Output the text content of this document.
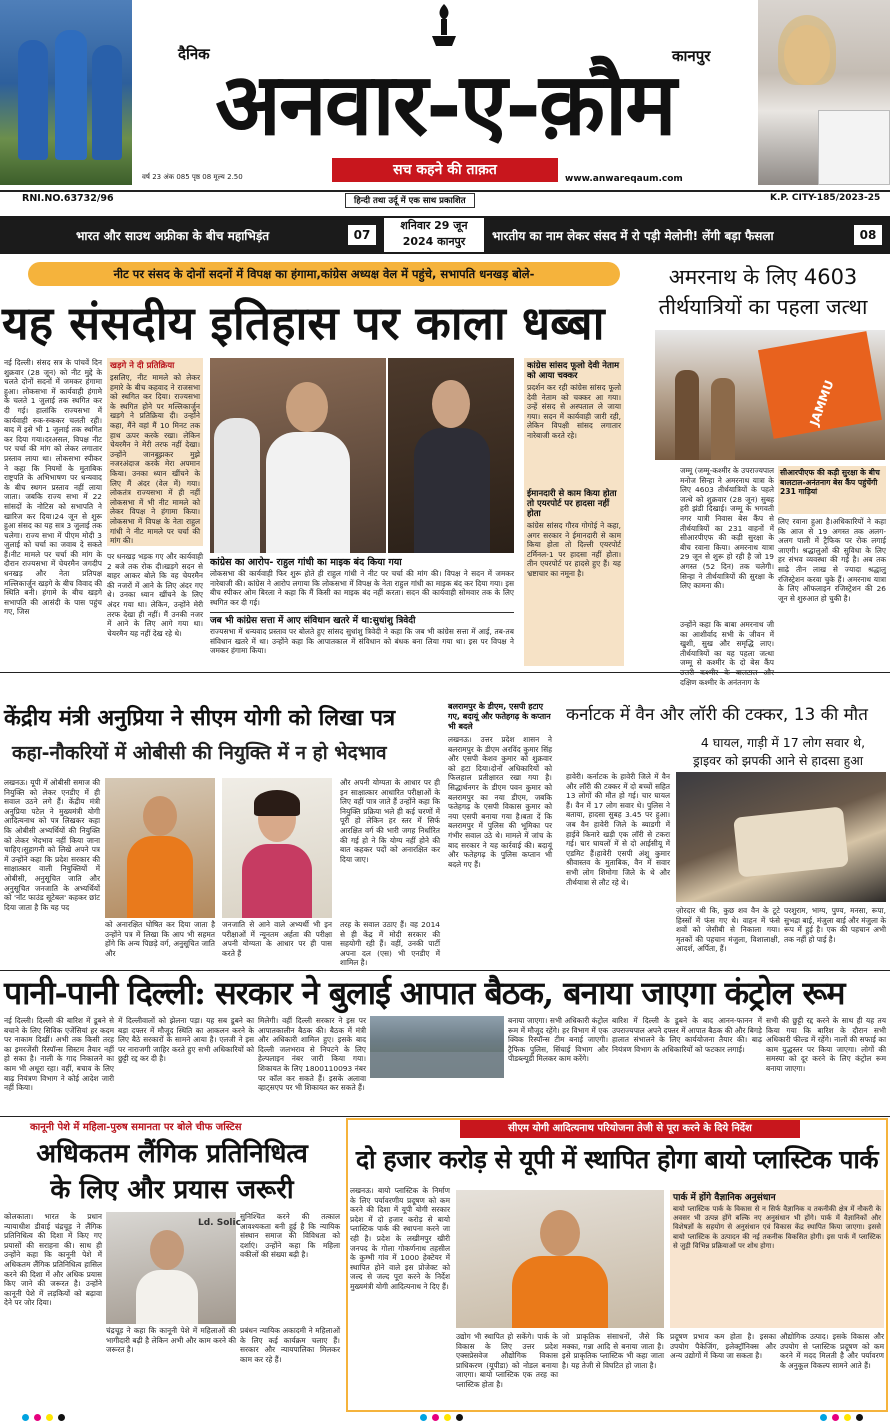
दैनिक	कानपुर
अनवार-ए-क़ौम
सच कहने की ताक़त
www.anwareqaum.com
वर्ष 23 अंक 085 पृष्ठ 08 मूल्य 2.50
RNI.NO.63732/96	हिन्दी तथा उर्दू में एक साथ प्रकाशित	K.P. CITY-185/2023-25
भारत और साउथ अफ्रीका के बीच महाभिड़ंत	07
शनिवार 29 जून
2024 कानपुर	भारतीय का नाम लेकर संसद में रो पड़ी मेलोनी! लेंगी बड़ा फैसला	08
नीट पर संसद के दोनों सदनों में विपक्ष का हंगामा,कांग्रेस अध्यक्ष वेल में पहुंचे, सभापति धनखड़ बोले-
यह संसदीय इतिहास पर काला धब्बा
नई दिल्ली। संसद सत्र के पांचवें दिन शुक्रवार (28 जून) को नीट मुद्दे के चलते दोनों सदनों में जमकर हंगामा हुआ। लोकसभा में कार्यवाही हंगामे के चलते 1 जुलाई तक स्थगित कर दी गई। हालांकि राज्यसभा में कार्यवाही रुक-रुककर चलती रही। बाद में इसे भी 1 जुलाई तक स्थगित कर दिया गया।दरअसल, विपक्ष नीट पर चर्चा की मांग को लेकर लगातार प्रस्ताव लाया था। लोकसभा स्पीकर ने कहा कि नियमों के मुताबिक राष्ट्रपति के अभिभाषण पर धन्यवाद के बीच स्थगन प्रस्ताव नहीं लाया जाता। जबकि राज्य सभा में 22 सांसदों के नोटिस को सभापति ने खारिज कर दिया।24 जून से शुरू हुआ संसद का यह सत्र 3 जुलाई तक चलेगा। राज्य सभा में पीएम मोदी 3 जुलाई को चर्चा का जवाब दे सकते हैं।नीट मामले पर चर्चा की मांग के दौरान राज्यसभा में चेयरमैन जगदीप धनखड़ और नेता प्रतिपक्ष मल्लिकार्जुन खड़गे के बीच विवाद की स्थिति बनी। हंगामे के बीच खड़गे सभापति की आसंदी के पास पहुंच गए, जिस
खड़गे ने दी प्रतिक्रिया
इसलिए, नीट मामले को लेकर हमारे के बीच कहवाद ने राजसभा को स्थगित कर दिया। राज्यसभा के स्थगित होने पर मल्लिकार्जुन खड़गे ने प्रतिक्रिया दी। उन्होंने कहा, मैंने वहां मैं 10 मिनट तक हाथ ऊपर करके रखा। लेकिन चेयरमैन ने मेरी तरफ नहीं देखा। उन्होंने जानबूझकर मुझे नजरअंदाज करके मेरा अपमान किया। उनका ध्यान खींचने के लिए मैं अंदर (वेल में) गया।लोकतंत्र राज्यसभा में ही नहीं लोकसभा में भी नीट मामले को लेकर विपक्ष ने हंगामा किया। लोकसभा में विपक्ष के नेता राहुल गांधी ने नीट मामले पर चर्चा की मांग की।
पर धनखड़ भड़क गए और कार्यवाही 2 बजे तक रोक दी।खड़गे सदन से बाहर आकर बोले कि वह चेयरमैन की नजरों में आने के लिए अंदर गए थे। उनका ध्यान खींचने के लिए अंदर गया था। लेकिन, उन्होंने मेरी तरफ देखा ही नहीं। मैं उनकी नजर में आने के लिए आगे गया था। चेयरमैन यह नहीं देख रहे थे।
कांग्रेस का आरोप- राहुल गांधी का माइक बंद किया गया
लोकसभा की कार्यवाही फिर शुरू होते ही राहुल गांधी ने नीट पर चर्चा की मांग की। विपक्ष ने सदन में जमकर नारेबाजी की। कांग्रेस ने आरोप लगाया कि लोकसभा में विपक्ष के नेता राहुल गांधी का माइक बंद कर दिया गया। इस बीच स्पीकर ओम बिरला ने कहा कि मैं किसी का माइक बंद नहीं करता। सदन की कार्यवाही सोमवार तक के लिए स्थगित कर दी गई।
जब भी कांग्रेस सत्ता में आए संविधान खतरे में था:सुधांशु त्रिवेदी
राज्यसभा में धन्यवाद प्रस्ताव पर बोलते हुए सांसद सुधांशु त्रिवेदी ने कहा कि जब भी कांग्रेस सत्ता में आई, तब-तब संविधान खतरे में था। उन्होंने कहा कि आपातकाल में संविधान को बंधक बना लिया गया था। इस पर विपक्ष ने जमकर हंगामा किया।
कांग्रेस सांसद फूलो देवी नेताम को आया चक्कर
प्रदर्शन कर रही कांग्रेस सांसद फूलो देवी नेताम को चक्कर आ गया। उन्हें संसद से अस्पताल ले जाया गया। सदन में कार्यवाही जारी रही, लेकिन विपक्षी सांसद लगातार नारेबाजी करते रहे।
ईमानदारी से काम किया होता तो एयरपोर्ट पर हादसा नहीं होता
कांग्रेस सांसद गौरव गोगोई ने कहा, अगर सरकार ने ईमानदारी से काम किया होता तो दिल्ली एयरपोर्ट टर्मिनल-1 पर हादसा नहीं होता। तीन एयरपोर्ट पर हादसे हुए हैं। यह भ्रष्टाचार का नमूना है।
अमरनाथ के लिए 4603 तीर्थयात्रियों का पहला जत्था
JAMMU
जम्मू (जम्मू-कश्मीर के उपराज्यपाल मनोज सिन्हा ने अमरनाथ यात्रा के लिए 4603 तीर्थयात्रियों के पहले जत्थे को शुक्रवार (28 जून) सुबह हरी झंडी दिखाई। जम्मू के भगवती नगर यात्री निवास बेस कैंप से तीर्थयात्रियों का 231 वाहनों में सीआरपीएफ की कड़ी सुरक्षा के बीच रवाना किया। अमरनाथ यात्रा 29 जून से शुरू हो रही है जो 19 अगस्त (52 दिन) तक चलेगी।सिन्हा ने तीर्थयात्रियों की सुरक्षा के लिए कामना की।
सीआरपीएफ की कड़ी सुरक्षा के बीच बालटाल-अनंतनाग बेस कैंप पहुंचेंगी 231 गाड़ियां
लिए रवाना हुआ है।अधिकारियों ने कहा कि आज से 19 अगस्त तक अलग-अलग पाली में ट्रैफिक पर रोक लगाई जाएगी। श्रद्धालुओं की सुविधा के लिए हर संभव व्यवस्था की गई है। अब तक साढ़े तीन लाख से ज्यादा श्रद्धालु रजिस्ट्रेशन करवा चुके हैं। अमरनाथ यात्रा के लिए ऑफलाइन रजिस्ट्रेशन की 26 जून से शुरुआत हो चुकी है।
उन्होंने कहा कि बाबा अमरनाथ जी का आशीर्वाद सभी के जीवन में खुशी, सुख और समृद्धि लाए। तीर्थयात्रियों का यह पहला जत्था जम्मू से कश्मीर के दो बेस कैंप दक्षिण कश्मीर के अनंतनाग के
केंद्रीय मंत्री अनुप्रिया ने सीएम योगी को लिखा पत्र
कहा-नौकरियों में ओबीसी की नियुक्ति में न हो भेदभाव
लखनऊ। यूपी में ओबीसी समाज की नियुक्ति को लेकर एनडीए में ही सवाल उठने लगे हैं। केंद्रीय मंत्री अनुप्रिया पटेल ने मुख्यमंत्री योगी आदित्यनाथ को पत्र लिखकर कहा कि ओबीसी अभ्यर्थियों की नियुक्ति को लेकर भेदभाव नहीं किया जाना चाहिए।सुहागनी को लिखे अपने पत्र में उन्होंने कहा कि प्रदेश सरकार की साक्षात्कार वाली नियुक्तियों में ओबीसी, अनुसूचित जाति और अनुसूचित जनजाति के अभ्यर्थियों को 'नॉट फाउंड सूटेबल' कहकर छांट दिया जाता है कि यह पद
को अनारक्षित घोषित कर दिया जाता है उन्होंने पत्र में लिखा कि आप भी सहमत होंगे कि अन्य पिछड़े वर्ग, अनुसूचित जाति और
जनजाति से आने वाले अभ्यर्थी भी इन परीक्षाओं में न्यूनतम अर्हता की परीक्षा अपनी योग्यता के आधार पर ही पास करते हैं
और अपनी योग्यता के आधार पर ही इन साक्षात्कार आधारित परीक्षाओं के लिए वहीं पात्र जाते हैं उन्होंने कहा कि नियुक्ति प्रक्रिया भले ही कई चरणों में पूरी हो लेकिन हर स्तर में सिर्फ आरक्षित वर्ग की भारी जगह निर्धारित की गई हो ने कि योग्य नहीं होने की बात कहकर पदों को अनारक्षित कर दिया जाए।
तरह के सवाल उठाए हैं। वह 2014 से ही केंद्र में मोदी सरकार की सहयोगी रही हैं। वहीं, उनकी पार्टी अपना दल (एस) भी एनडीए में शामिल है।
बलरामपुर के डीएम, एसपी हटाए गए, बदायूं और फतेहगढ़ के कप्तान भी बदले
लखनऊ। उत्तर प्रदेश शासन ने बलरामपुर के डीएम अरविंद कुमार सिंह और एसपी केशव कुमार को शुक्रवार को हटा दिया।दोनों अधिकारियों को फिलहाल प्रतीक्षारत रखा गया है। सिद्धार्थनगर के डीएम पवन कुमार को बलरामपुर का नया डीएम, जबकि फतेहगढ़ के एसपी विकास कुमार को नया एसपी बनाया गया है।बता दें कि बलरामपुर में पुलिस की भूमिका पर गंभीर सवाल उठे थे। मामले में जांच के बाद सरकार ने यह कार्रवाई की। बदायूं और फतेहगढ़ के पुलिस कप्तान भी बदले गए हैं।
कर्नाटक में वैन और लॉरी की टक्कर, 13 की मौत
4 घायल, गाड़ी में 17 लोग सवार थे,
ड्राइवर को झपकी आने से हादसा हुआ
हावेरी। कर्नाटक के हावेरी जिले में वैन और लॉरी की टक्कर में दो बच्चों सहित 13 लोगों की मौत हो गई। चार घायल हैं। वैन में 17 लोग सवार थे। पुलिस ने बताया, हादसा सुबह 3.45 पर हुआ। जब वैन हावेरी जिले के ब्याडगी में हाईवे किनारे खड़ी एक लॉरी से टकरा गई। चार घायलों में से दो आईसीयू में एडमिट हैं।हावेरी एसपी अंशु कुमार श्रीवास्तव के मुताबिक, वैन में सवार सभी लोग शिमोगा जिले के थे और तीर्थयात्रा से लौट रहे थे।
ज़ोरदार थी कि, कुछ शव वैन के टूटे हिस्सों में फंस गए थे। वाहन में फंसे शवों को जेसीबी से निकाला गया। मृतकों की पहचान मंजुला, विशालाक्षी, आदर्श, अर्पिता, हैं।
परशुराम, भाग्य, पुण्य, मनसा, रूपा, सुभद्रा बाई, मंजुला बाई और मंजुला के रूप में हुई है। एक की पहचान अभी तक नहीं हो पाई है।
पानी-पानी दिल्ली: सरकार ने बुलाई आपात बैठक, बनाया जाएगा कंट्रोल रूम
नई दिल्ली। दिल्ली की बारिश में डूबने से बचाने के लिए सिविक एजेंसियां हर कदम पर नाकाम दिखीं। अभी तक किसी तरह का इमरजेंसी रिस्पॉन्स सिस्टम तैयार नहीं हो सका है। नाली के गाद निकालने का काम भी अधूरा रहा। वहीं, बचाव के लिए बाढ़ नियंत्रण विभाग ने कोई आदेश जारी नहीं किया।
में दिल्लीवालों को झेलना पड़ा। यह सब डूबने का बड़ा दफ्तर में मौजूद स्थिति का आकलन करने के लिए बैठे सरकारों के सामने आया है। एलजी ने इस पर नाराजगी जाहिर करते हुए सभी अधिकारियों को छुट्टी रद्द कर दी है।
मिलेगी। वहीं दिल्ली सरकार ने इस पर आपातकालीन बैठक की। बैठक में मंत्री और अधिकारी शामिल हुए। इसके बाद दिल्ली जलभराव से निपटने के लिए हेल्पलाइन नंबर जारी किया गया। शिकायत के लिए 1800110093 नंबर पर कॉल कर सकते हैं। इसके अलावा व्हाट्सएप पर भी शिकायत कर सकते हैं।
बनाया जाएगा। सभी अधिकारी कंट्रोल रूम में मौजूद रहेंगे। हर विभाग में एक क्विक रिस्पॉन्स टीम बनाई जाएगी। ट्रैफिक पुलिस, सिंचाई विभाग और पीडब्ल्यूडी मिलकर काम करेंगे।
बारिश में दिल्ली के डूबने के बाद आनन-फानन में उपराज्यपाल अपने दफ्तर में आपात बैठक की और बिगड़े हालात संभालने के लिए कार्ययोजना तैयार की। बाढ़ नियंत्रण विभाग के अधिकारियों को फटकार लगाई।
सभी की छुट्टी रद्द करने के साथ ही यह तय किया गया कि बारिश के दौरान सभी अधिकारी फील्ड में रहेंगे। नालों की सफाई का काम युद्धस्तर पर किया जाएगा। लोगों की समस्या को दूर करने के लिए कंट्रोल रूम बनाया जाएगा।
कानूनी पेशे में महिला-पुरुष समानता पर बोले चीफ जस्टिस
अधिकतम लैंगिक प्रतिनिधित्व
के लिए और प्रयास जरूरी
कोलकाता। भारत के प्रधान न्यायाधीश डीवाई चंद्रचूड़ ने लैंगिक प्रतिनिधित्व की दिशा में किए गए प्रयासों की सराहना की। साथ ही उन्होंने कहा कि कानूनी पेशे में अधिकतम लैंगिक प्रतिनिधित्व हासिल करने की दिशा में और अधिक प्रयास किए जाने की जरूरत है। उन्होंने कानूनी पेशे में लड़कियों को बढ़ावा देने पर जोर दिया।
Ld. Solic
चंद्रचूड़ ने कहा कि कानूनी पेशे में महिलाओं की भागीदारी बढ़ी है लेकिन अभी और काम करने की जरूरत है।
सुनिश्चित करने की तत्काल आवश्यकता बनी हुई है कि न्यायिक संस्थान समाज की विविधता को दर्शाएं। उन्होंने कहा कि महिला वकीलों की संख्या बढ़ी है।
प्रबंधन न्यायिक अकादमी ने महिलाओं के लिए कई कार्यक्रम चलाए हैं। सरकार और न्यायपालिका मिलकर काम कर रहे हैं।
सीएम योगी आदित्यनाथ परियोजना तेजी से पूरा करने के दिये निर्देश
दो हजार करोड़ से यूपी में स्थापित होगा बायो प्लास्टिक पार्क
लखनऊ। बायो प्लास्टिक के निर्माण के लिए पर्यावरणीय प्रदूषण को कम करने की दिशा में यूपी योगी सरकार प्रदेश में दो हजार करोड़ से बायो प्लास्टिक पार्क की स्थापना करने जा रही है। प्रदेश के लखीमपुर खीरी जनपद के गोला गोकर्णनाथ तहसील के कुम्भी गांव में 1000 हेक्टेयर में स्थापित होने वाले इस प्रोजेक्ट को जल्द से जल्द पूरा करने के निर्देश मुख्यमंत्री योगी आदित्यनाथ ने दिए हैं।
पार्क में होंगे वैज्ञानिक अनुसंधान
बायो प्लास्टिक पार्क के विकास से न सिर्फ वैज्ञानिक व तकनीकी क्षेत्र में नौकरी के अवसर भी उत्पन्न होंगे बल्कि नए अनुसंधान भी होंगे। पार्क में वैज्ञानिकों और विशेषज्ञों के सहयोग से अनुसंधान एवं विकास केंद्र स्थापित किया जाएगा। इससे बायो प्लास्टिक के उत्पादन की नई तकनीक विकसित होगी। इस पार्क में प्लास्टिक से जुड़ी विभिन्न प्रक्रियाओं पर शोध होगा।
उद्योग भी स्थापित हो सकेंगे। पार्क के विकास के लिए उत्तर प्रदेश एक्सप्रेसवेज औद्योगिक विकास प्राधिकरण (यूपीडा) को नोडल बनाया जाएगा। बायो प्लास्टिक एक तरह का प्लास्टिक होता है।
जो प्राकृतिक संसाधनों, जैसे कि मक्का, गन्ना आदि से बनाया जाता है। इसे प्राकृतिक प्लास्टिक भी कहा जाता है। यह तेजी से विघटित हो जाता है।
प्रदूषण प्रभाव कम होता है। इसका उपयोग पैकेजिंग, इलेक्ट्रॉनिक्स और अन्य उद्योगों में किया जा सकता है।
औद्योगिक उत्पाद। इसके विकास और उपयोग से प्लास्टिक प्रदूषण को कम करने में मदद मिलती है और पर्यावरण के अनुकूल विकल्प सामने आते हैं।
